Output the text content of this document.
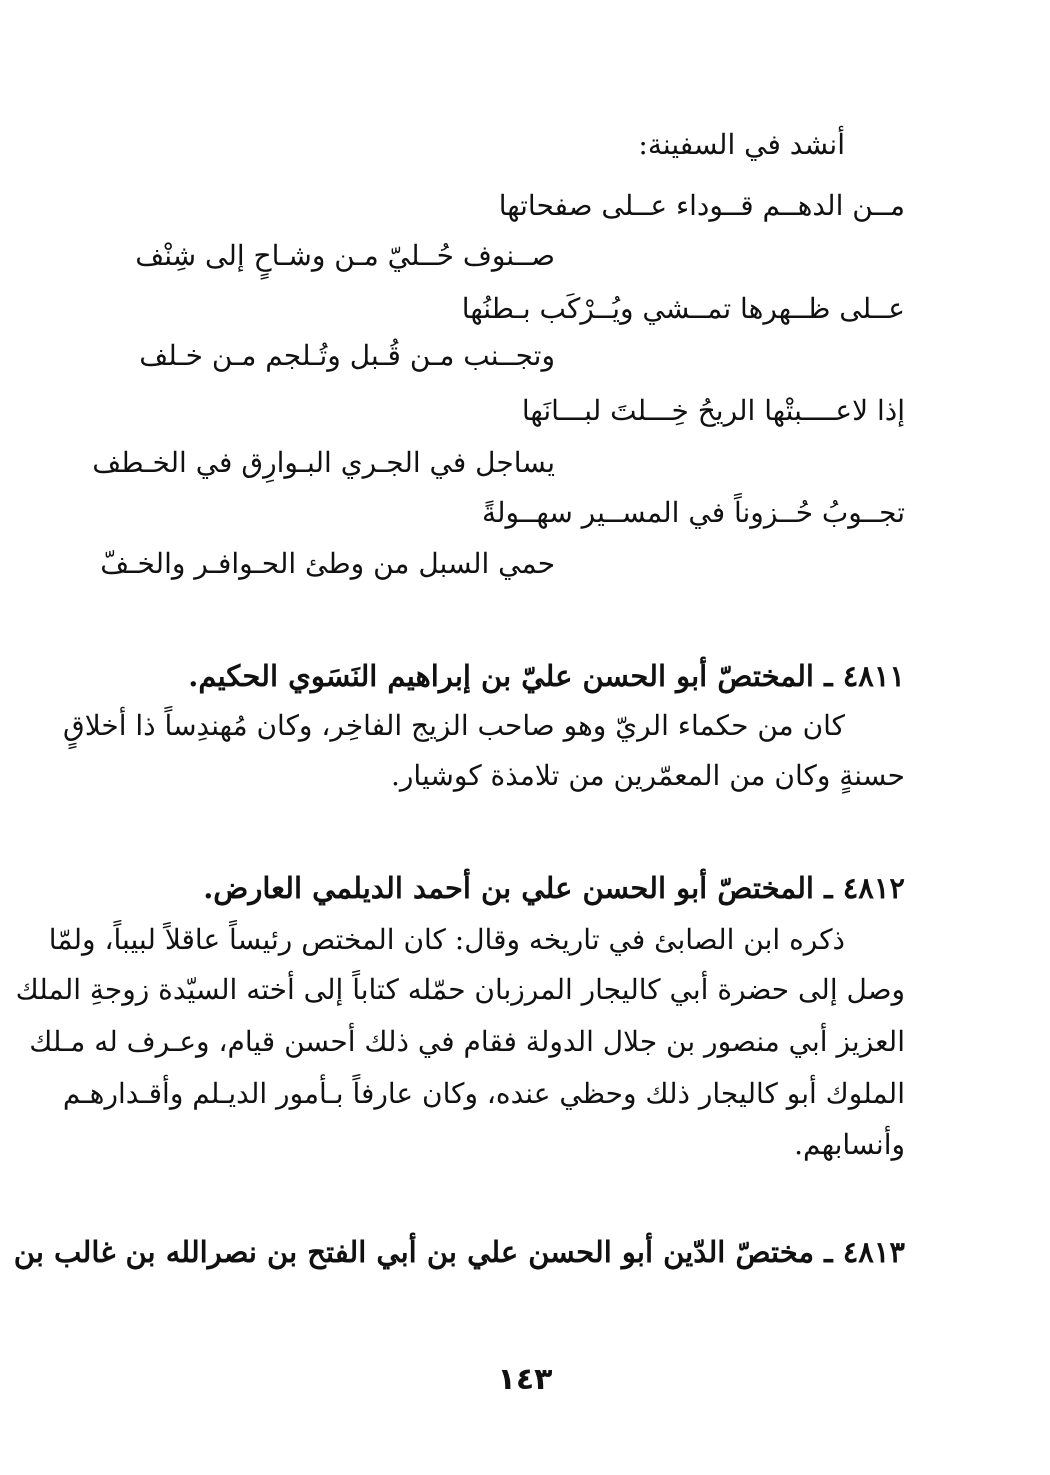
أنشد في السفينة:
مــن الدهــم قــوداء عــلى صفحاتها
صــنوف حُــليّ مـن وشـاحٍ إلى شِنْف
عــلى ظــهرها تمــشي ويُــرْكَب بـطنُها
وتجــنب مـن قُـبل وتُـلجم مـن خـلف
إذا لاعــــبتْها الريحُ خِـــلتَ لبـــانَها
يساجل في الجـري البـوارِق في الخـطف
تجــوبُ حُــزوناً في المســير سهــولةً
حمي السبل من وطئ الحـوافـر والخـفّ
٤٨١١ ـ المختصّ أبو الحسن عليّ بن إبراهيم النَسَوي الحكيم.
كان من حكماء الريّ وهو صاحب الزيج الفاخِر، وكان مُهندِساً ذا أخلاقٍ
حسنةٍ وكان من المعمّرين من تلامذة كوشيار.
٤٨١٢ ـ المختصّ أبو الحسن علي بن أحمد الديلمي العارض.
ذكره ابن الصابئ في تاريخه وقال: كان المختص رئيساً عاقلاً لبيباً، ولمّا
وصل إلى حضرة أبي كاليجار المرزبان حمّله كتاباً إلى أخته السيّدة زوجةِ الملك
العزيز أبي منصور بن جلال الدولة فقام في ذلك أحسن قيام، وعـرف له مـلك
الملوك أبو كاليجار ذلك وحظي عنده، وكان عارفاً بـأمور الديـلم وأقـدارهـم
وأنسابهم.
٤٨١٣ ـ مختصّ الدّين أبو الحسن علي بن أبي الفتح بن نصرالله بن غالب بن
١٤٣
